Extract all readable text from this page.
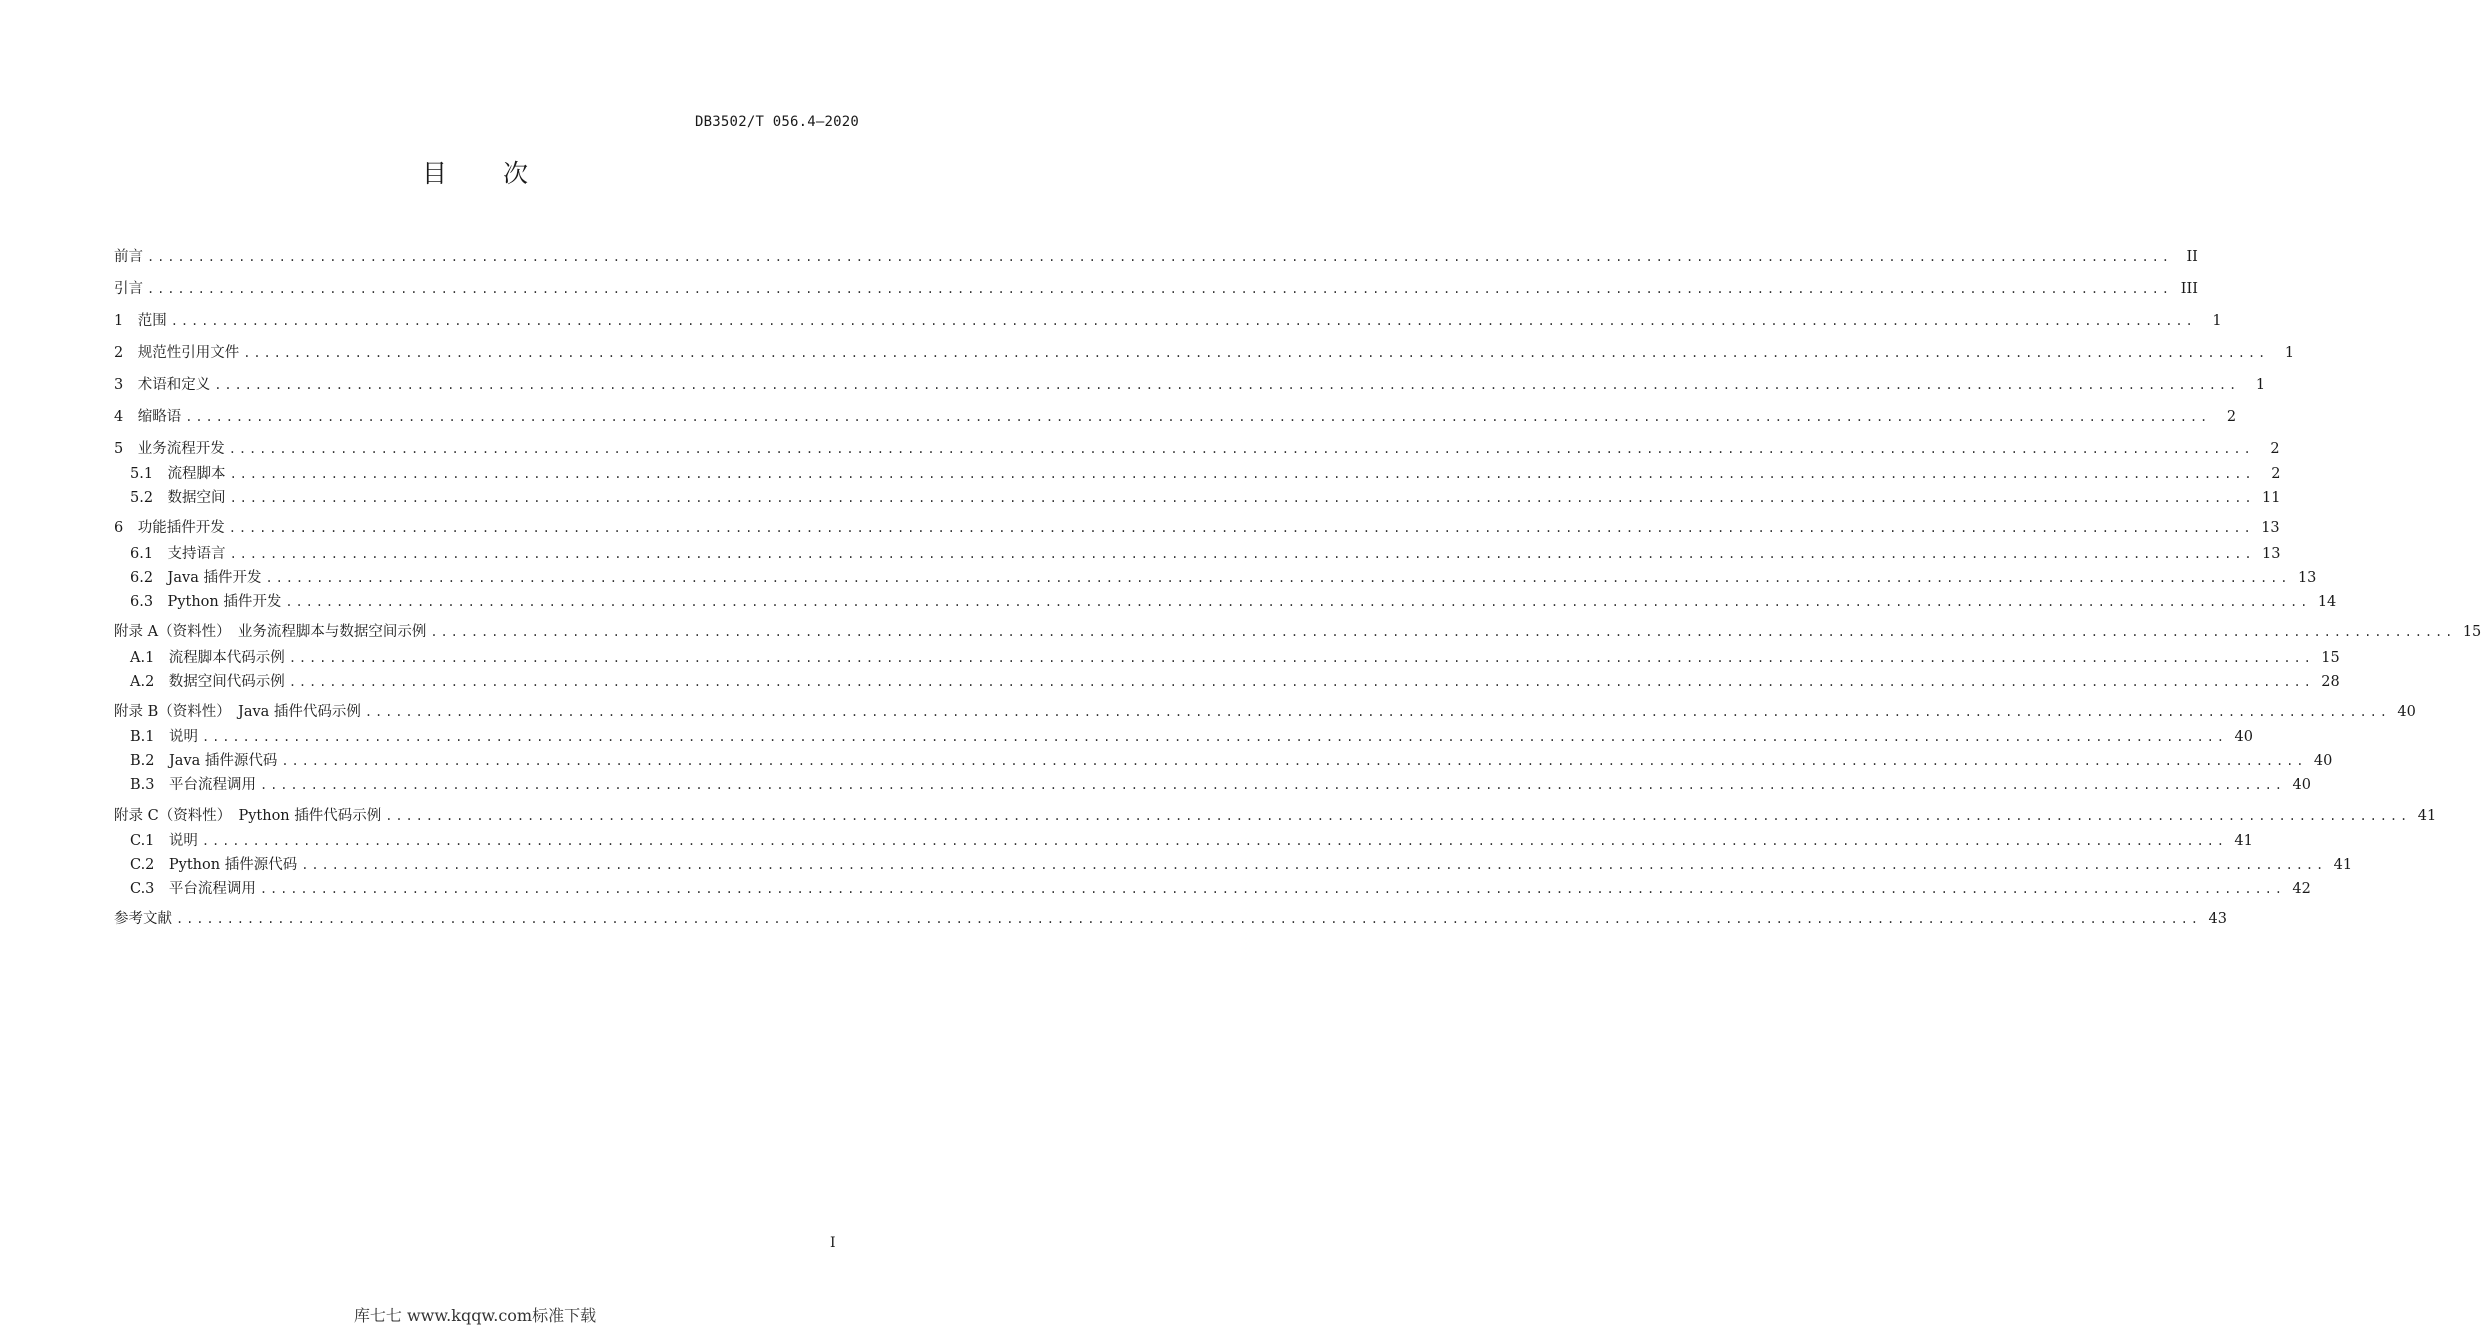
DB3502/T 056.4—2020
目次
前言 ........................................................................................................................................................................................................	II
引言 ........................................................................................................................................................................................................ III
1　范围 ........................................................................................................................................................................................................	1
2　规范性引用文件 ........................................................................................................................................................................................................	1
3　术语和定义 ........................................................................................................................................................................................................	1
4　缩略语 ........................................................................................................................................................................................................	2
5　业务流程开发 ........................................................................................................................................................................................................	2
5.1　流程脚本 ........................................................................................................................................................................................................	2
5.2　数据空间 ........................................................................................................................................................................................................ 11
6　功能插件开发 ........................................................................................................................................................................................................ 13
6.1　支持语言 ........................................................................................................................................................................................................ 13
6.2　Java 插件开发 ........................................................................................................................................................................................................ 13
6.3　Python 插件开发 ........................................................................................................................................................................................................ 14
附录 A（资料性）　业务流程脚本与数据空间示例 ........................................................................................................................................................................................................ 15
A.1　流程脚本代码示例 ........................................................................................................................................................................................................ 15
A.2　数据空间代码示例 ........................................................................................................................................................................................................ 28
附录 B（资料性）　Java 插件代码示例 ........................................................................................................................................................................................................ 40
B.1　说明 ........................................................................................................................................................................................................ 40
B.2　Java 插件源代码 ........................................................................................................................................................................................................ 40
B.3　平台流程调用 ........................................................................................................................................................................................................ 40
附录 C（资料性）　Python 插件代码示例 ........................................................................................................................................................................................................ 41
C.1　说明 ........................................................................................................................................................................................................ 41
C.2　Python 插件源代码 ........................................................................................................................................................................................................ 41
C.3　平台流程调用 ........................................................................................................................................................................................................ 42
参考文献 ........................................................................................................................................................................................................ 43
I
库七七 www.kqqw.com标准下载
